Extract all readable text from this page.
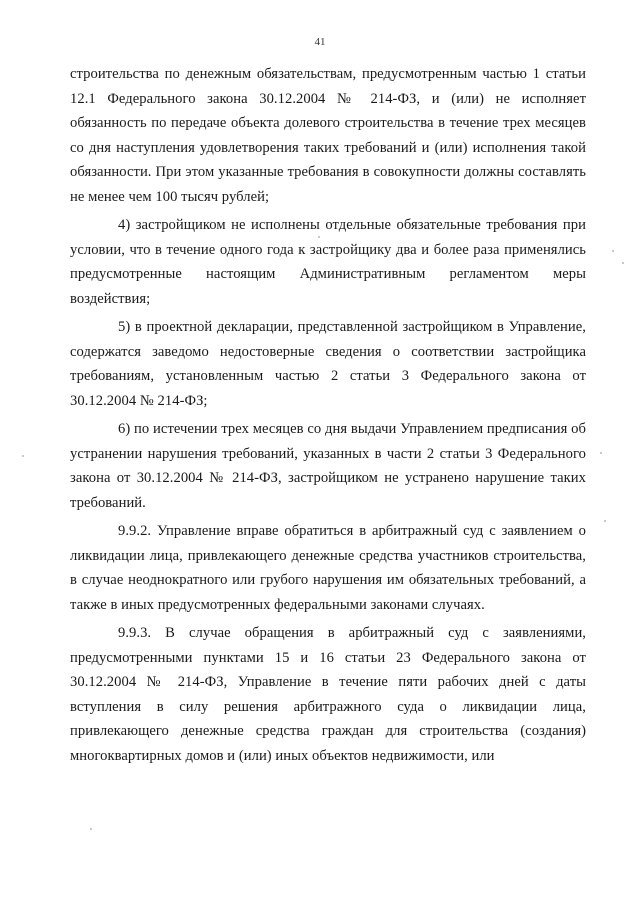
41

строительства по денежным обязательствам, предусмотренным частью 1 статьи 12.1 Федерального закона 30.12.2004 № 214-ФЗ, и (или) не исполняет обязанность по передаче объекта долевого строительства в течение трех месяцев со дня наступления удовлетворения таких требований и (или) исполнения такой обязанности. При этом указанные требования в совокупности должны составлять не менее чем 100 тысяч рублей;

4) застройщиком не исполнены отдельные обязательные требования при условии, что в течение одного года к застройщику два и более раза применялись предусмотренные настоящим Административным регламентом меры воздействия;

5) в проектной декларации, представленной застройщиком в Управление, содержатся заведомо недостоверные сведения о соответствии застройщика требованиям, установленным частью 2 статьи 3 Федерального закона от 30.12.2004 № 214-ФЗ;

6) по истечении трех месяцев со дня выдачи Управлением предписания об устранении нарушения требований, указанных в части 2 статьи 3 Федерального закона от 30.12.2004 № 214-ФЗ, застройщиком не устранено нарушение таких требований.

9.9.2. Управление вправе обратиться в арбитражный суд с заявлением о ликвидации лица, привлекающего денежные средства участников строительства, в случае неоднократного или грубого нарушения им обязательных требований, а также в иных предусмотренных федеральными законами случаях.

9.9.3. В случае обращения в арбитражный суд с заявлениями, предусмотренными пунктами 15 и 16 статьи 23 Федерального закона от 30.12.2004 № 214-ФЗ, Управление в течение пяти рабочих дней с даты вступления в силу решения арбитражного суда о ликвидации лица, привлекающего денежные средства граждан для строительства (создания) многоквартирных домов и (или) иных объектов недвижимости, или
